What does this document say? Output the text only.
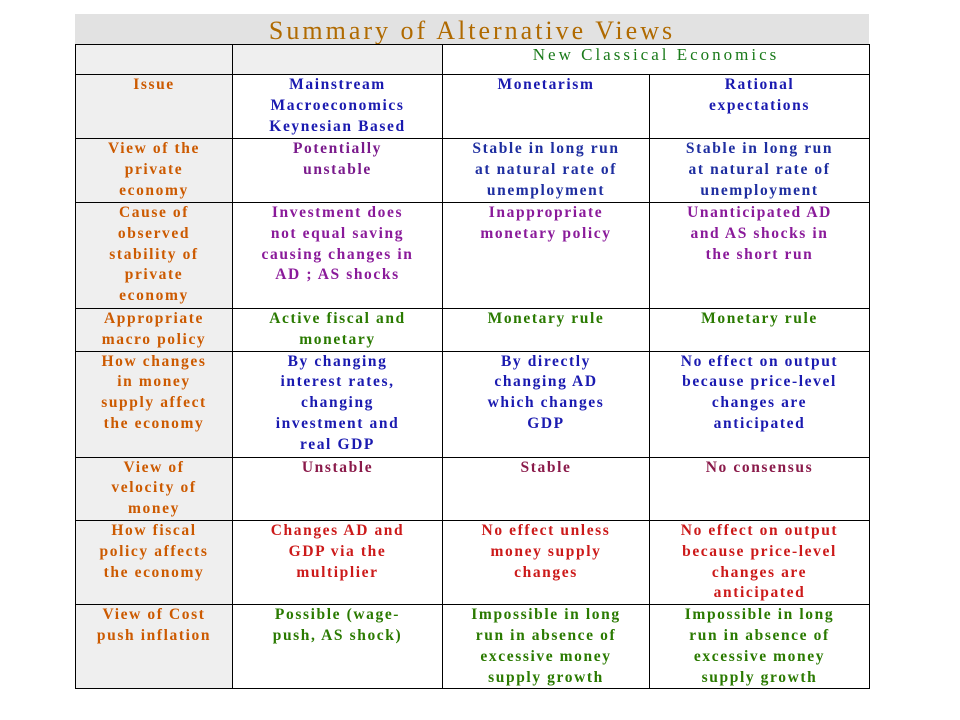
Summary of Alternative Views
		New Classical Economics	

Issue	Mainstream
Macroeconomics
Keynesian Based	Monetarism	Rational
expectations

View of the
private
economy	Potentially
unstable	Stable in long run
at natural rate of
unemployment	Stable in long run
at natural rate of
unemployment

Cause of
observed
stability of
private
economy	Investment does
not equal saving
causing changes in
AD ; AS shocks	Inappropriate
monetary policy	Unanticipated AD
and AS shocks in
the short run

Appropriate
macro policy	Active fiscal and
monetary	Monetary rule	Monetary rule

How changes
in money
supply affect
the economy	By changing
interest rates,
changing
investment and
real GDP	By directly
changing AD
which changes
GDP	No effect on output
because price-level
changes are
anticipated

View of
velocity of
money	Unstable	Stable	No consensus

How fiscal
policy affects
the economy	Changes AD and
GDP via the
multiplier	No effect unless
money supply
changes	No effect on output
because price-level
changes are
anticipated

View of Cost
push inflation	Possible (wage-
push, AS shock)	Impossible in long
run in absence of
excessive money
supply growth	Impossible in long
run in absence of
excessive money
supply growth
